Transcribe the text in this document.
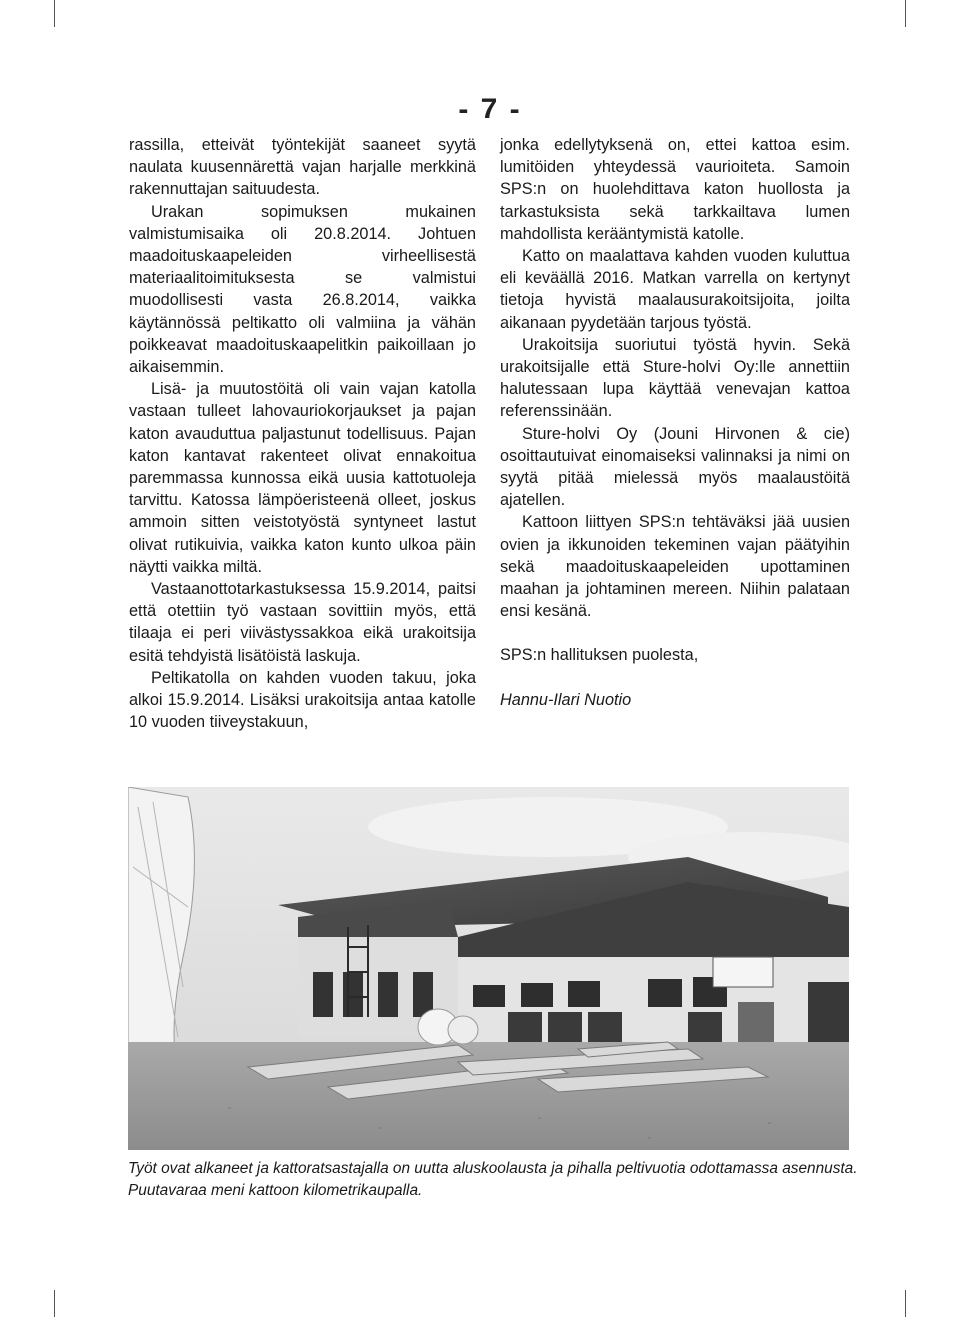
- 7 -

rassilla, etteivät työntekijät saaneet syytä naulata kuusennärettä vajan harjalle merkkinä rakennuttajan saituudesta.

Urakan sopimuksen mukainen valmistumisaika oli 20.8.2014. Johtuen maadoituskaapeleiden virheellisestä materiaalitoimituksesta se valmistui muodollisesti vasta 26.8.2014, vaikka käytännössä peltikatto oli valmiina ja vähän poikkeavat maadoituskaapelitkin paikoillaan jo aikaisemmin.

Lisä- ja muutostöitä oli vain vajan katolla vastaan tulleet lahovauriokorjaukset ja pajan katon avauduttua paljastunut todellisuus. Pajan katon kantavat rakenteet olivat ennakoitua paremmassa kunnossa eikä uusia kattotuoleja tarvittu. Katossa lämpöeristeenä olleet, joskus ammoin sitten veistotyöstä syntyneet lastut olivat rutikuivia, vaikka katon kunto ulkoa päin näytti vaikka miltä.

Vastaanottotarkastuksessa 15.9.2014, paitsi että otettiin työ vastaan sovittiin myös, että tilaaja ei peri viivästyssakkoa eikä urakoitsija esitä tehdyistä lisätöistä laskuja.

Peltikatolla on kahden vuoden takuu, joka alkoi 15.9.2014. Lisäksi urakoitsija antaa katolle 10 vuoden tiiveystakuun,

jonka edellytyksenä on, ettei kattoa esim. lumitöiden yhteydessä vaurioiteta. Samoin SPS:n on huolehdittava katon huollosta ja tarkastuksista sekä tarkkailtava lumen mahdollista kerääntymistä katolle.

Katto on maalattava kahden vuoden kuluttua eli keväällä 2016. Matkan varrella on kertynyt tietoja hyvistä maalausurakoitsijoita, joilta aikanaan pyydetään tarjous työstä.

Urakoitsija suoriutui työstä hyvin. Sekä urakoitsijalle että Sture-holvi Oy:lle annettiin halutessaan lupa käyttää venevajan kattoa referenssinään.

Sture-holvi Oy (Jouni Hirvonen & cie) osoittautuivat einomaiseksi valinnaksi ja nimi on syytä pitää mielessä myös maalaustöitä ajatellen.

Kattoon liittyen SPS:n tehtäväksi jää uusien ovien ja ikkunoiden tekeminen vajan päätyihin sekä maadoituskaapeleiden upottaminen maahan ja johtaminen mereen. Niihin palataan ensi kesänä.

SPS:n hallituksen puolesta,

Hannu-Ilari Nuotio

Työt ovat alkaneet ja kattoratsastajalla on uutta aluskoolausta ja pihalla peltivuotia odottamassa asennusta. Puutavaraa meni kattoon kilometrikaupalla.
